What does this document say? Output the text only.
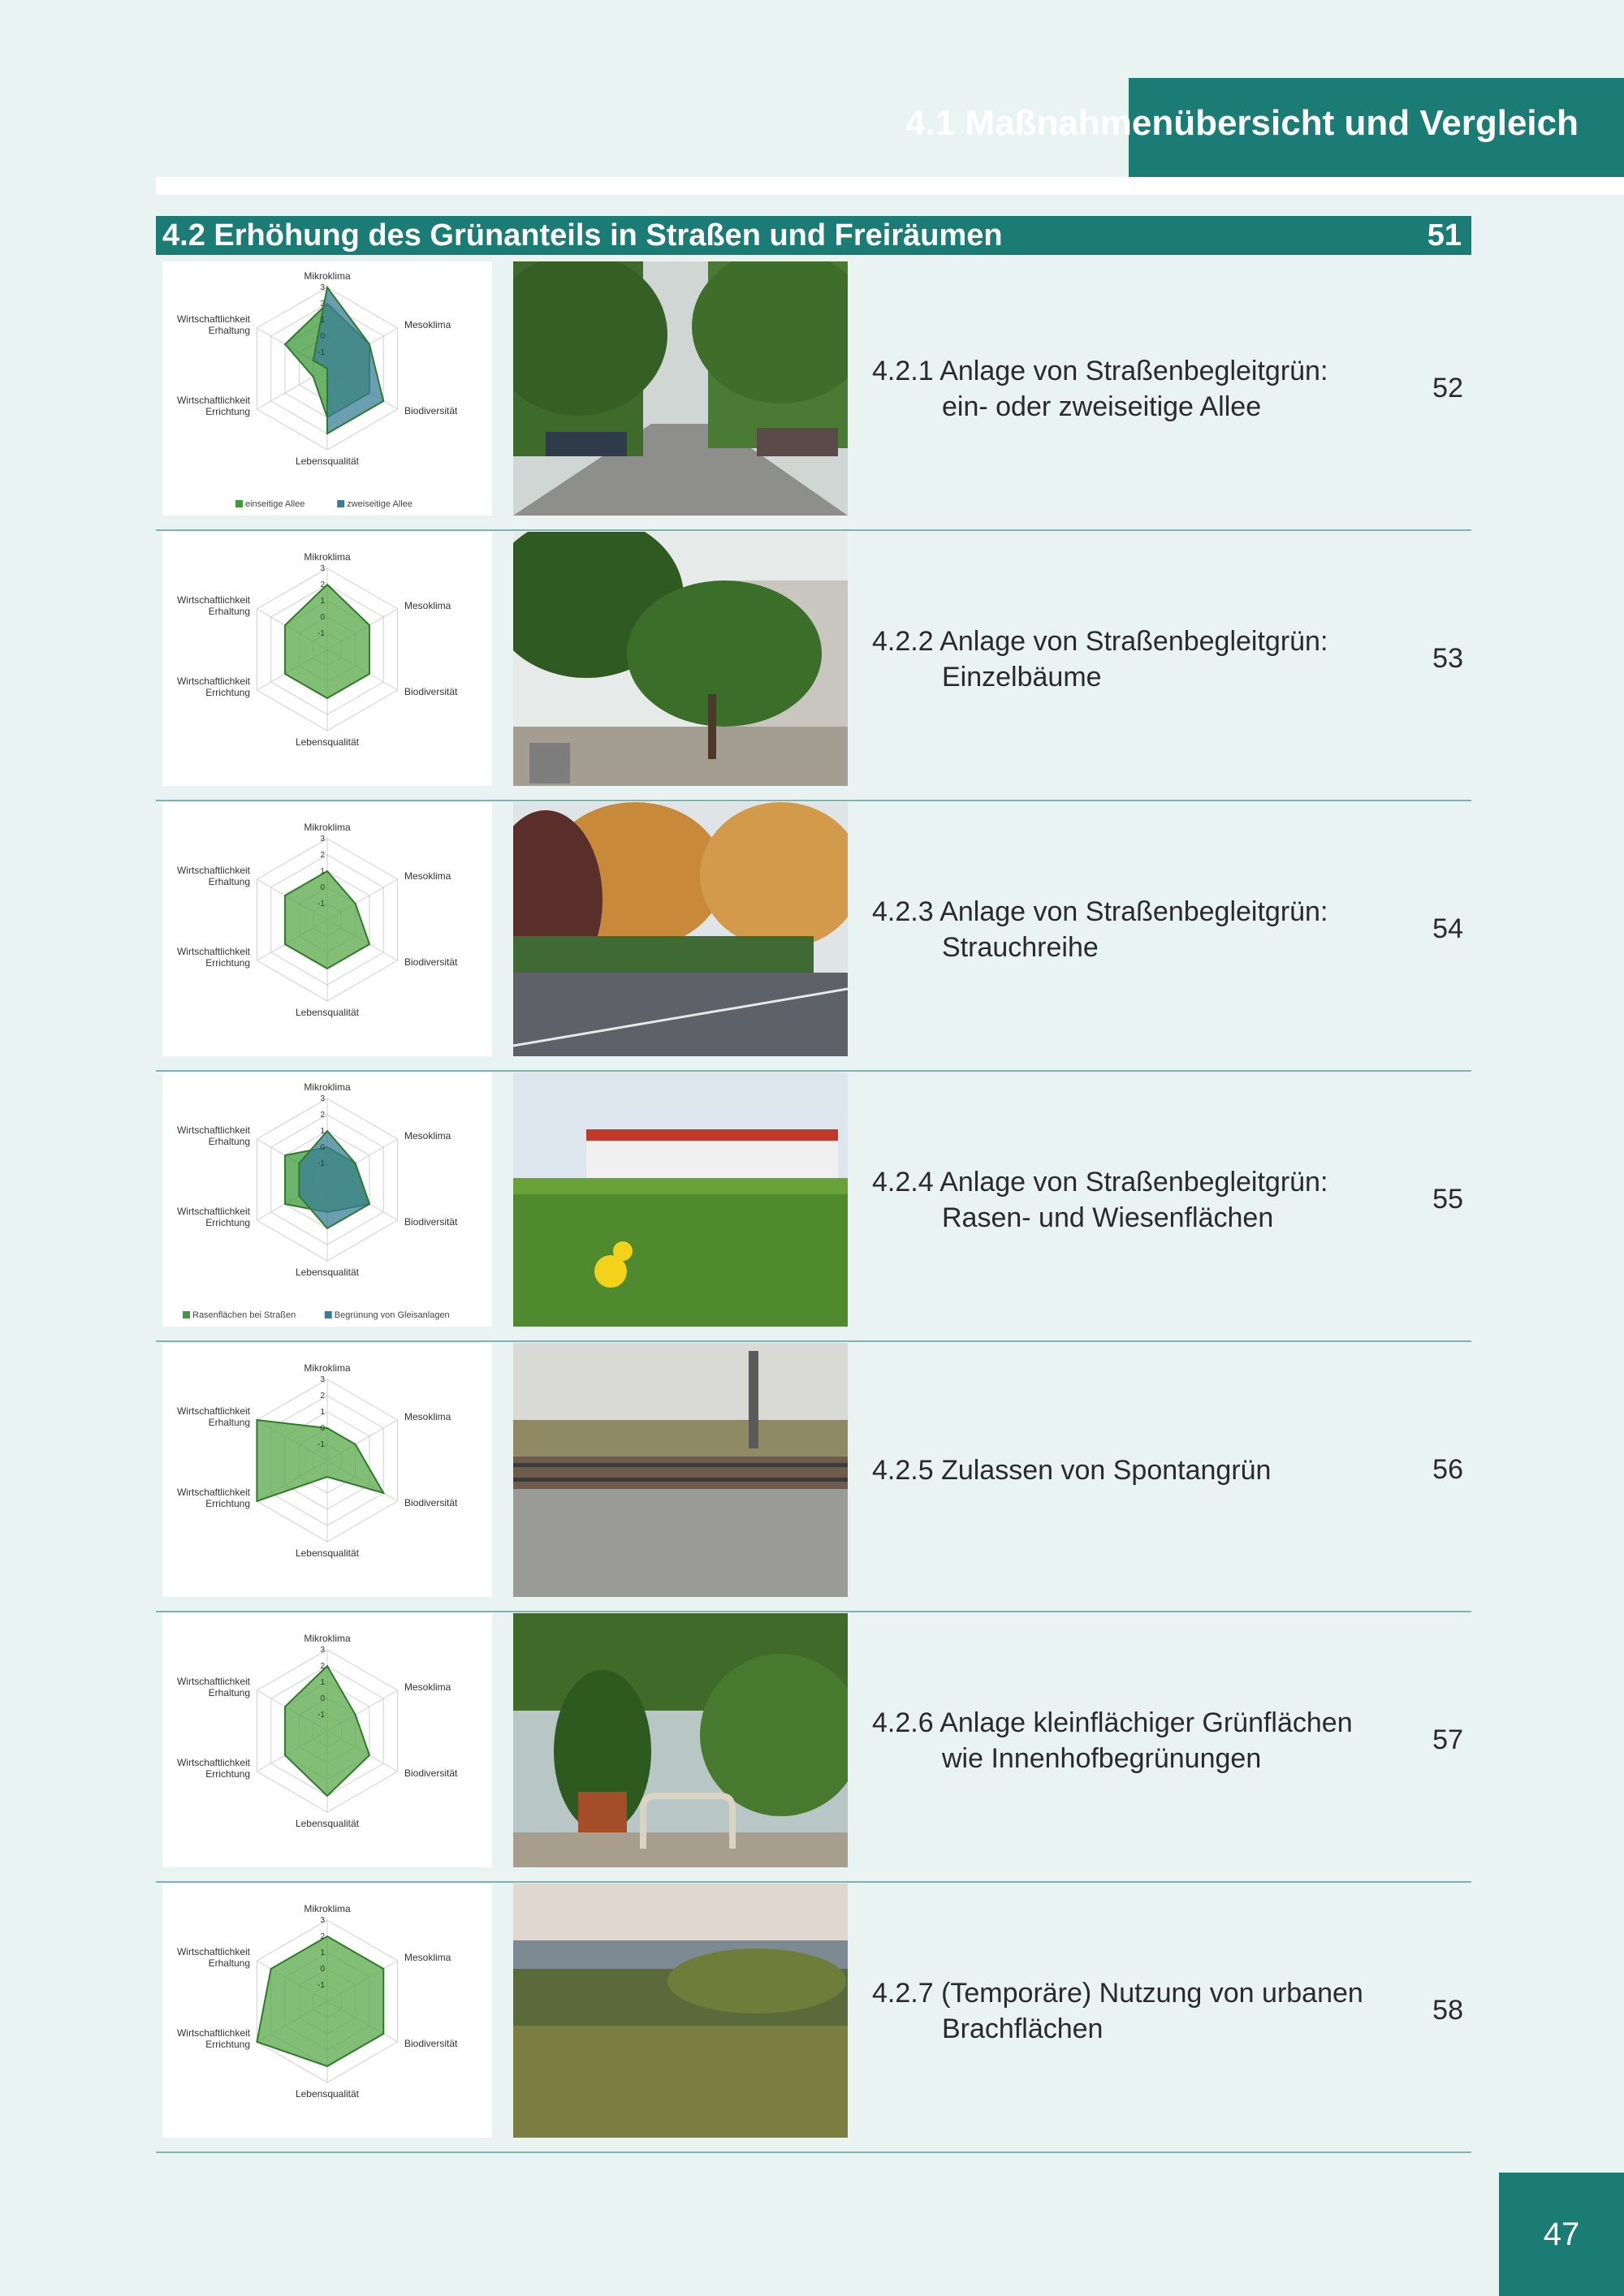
4.1 Maßnahmenübersicht und Vergleich
4.2 Erhöhung des Grünanteils in Straßen und Freiräumen	51
3
2
1
0
-1
Mikroklima
Mesoklima
Biodiversität
Lebensqualität
Wirtschaftlichkeit Errichtung
Wirtschaftlichkeit Erhaltung
einseitige Allee	zweiseitige Allee
4.2.1 Anlage von Straßenbegleitgrün:
ein- oder zweiseitige Allee
52
3
2
1
0
-1
Mikroklima
Mesoklima
Biodiversität
Lebensqualität
Wirtschaftlichkeit Errichtung
Wirtschaftlichkeit Erhaltung
4.2.2 Anlage von Straßenbegleitgrün:
Einzelbäume
53
3
2
1
0
-1
Mikroklima
Mesoklima
Biodiversität
Lebensqualität
Wirtschaftlichkeit Errichtung
Wirtschaftlichkeit Erhaltung
4.2.3 Anlage von Straßenbegleitgrün:
Strauchreihe
54
3
2
1
0
-1
Mikroklima
Mesoklima
Biodiversität
Lebensqualität
Wirtschaftlichkeit Errichtung
Wirtschaftlichkeit Erhaltung
Rasenflächen bei Straßen	Begrünung von Gleisanlagen
4.2.4 Anlage von Straßenbegleitgrün:
Rasen- und Wiesenflächen
55
3
2
1
0
-1
Mikroklima
Mesoklima
Biodiversität
Lebensqualität
Wirtschaftlichkeit Errichtung
Wirtschaftlichkeit Erhaltung
4.2.5 Zulassen von Spontangrün	56
3
2
1
0
-1
Mikroklima
Mesoklima
Biodiversität
Lebensqualität
Wirtschaftlichkeit Errichtung
Wirtschaftlichkeit Erhaltung
4.2.6 Anlage kleinflächiger Grünflächen
wie Innenhofbegrünungen
57
3
2
1
0
-1
Mikroklima
Mesoklima
Biodiversität
Lebensqualität
Wirtschaftlichkeit Errichtung
Wirtschaftlichkeit Erhaltung
4.2.7 (Temporäre) Nutzung von urbanen
Brachflächen
58
47
